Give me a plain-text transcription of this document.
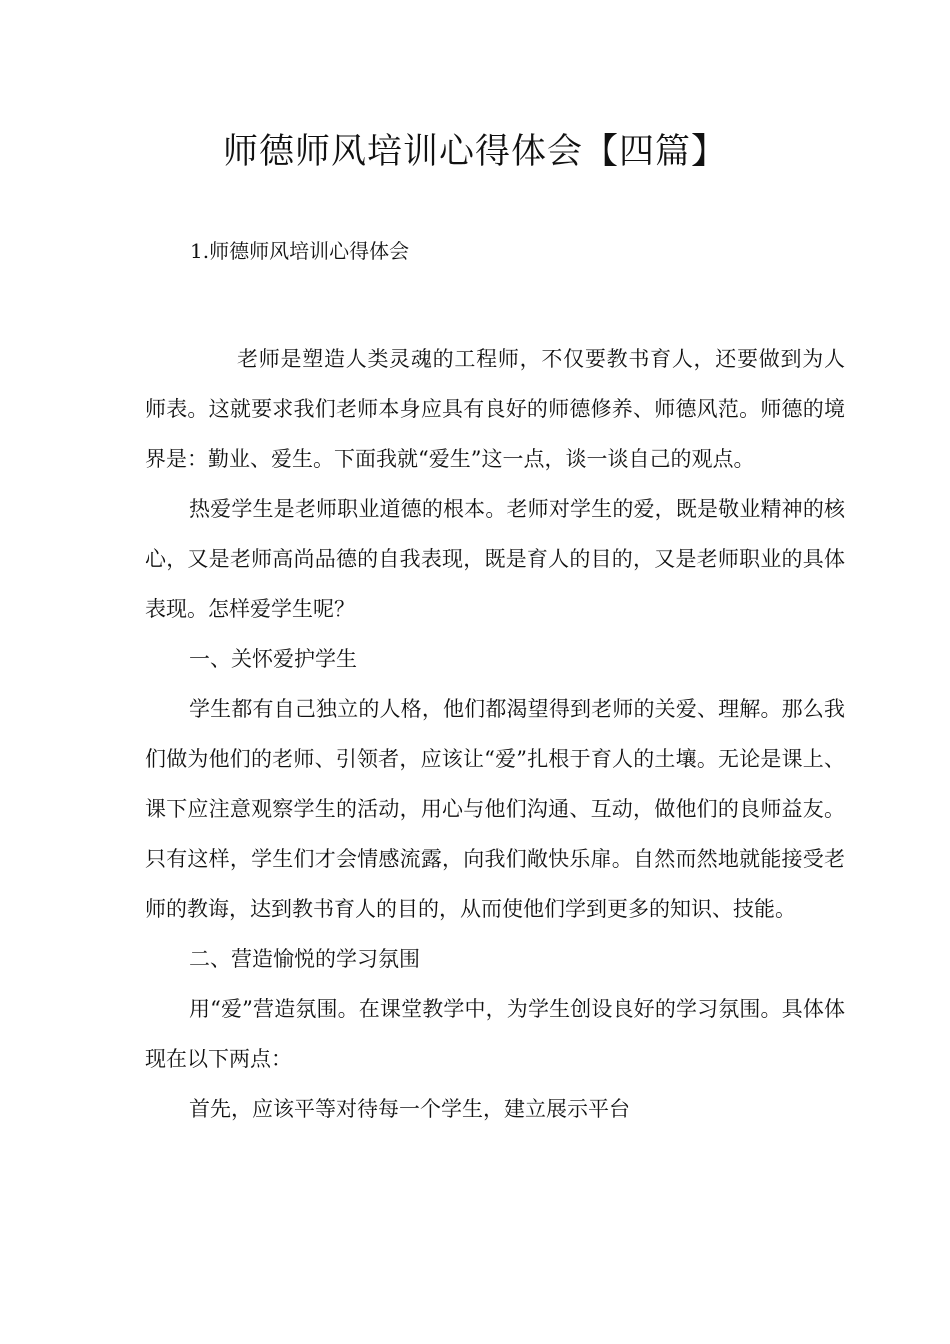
师德师风培训心得体会【四篇】
1.师德师风培训心得体会

老师是塑造人类灵魂的工程师，不仅要教书育人，还要做到为人师表。这就要求我们老师本身应具有良好的师德修养、师德风范。师德的境界是：勤业、爱生。下面我就“爱生”这一点，谈一谈自己的观点。

热爱学生是老师职业道德的根本。老师对学生的爱，既是敬业精神的核心，又是老师高尚品德的自我表现，既是育人的目的，又是老师职业的具体表现。怎样爱学生呢？

一、关怀爱护学生

学生都有自己独立的人格，他们都渴望得到老师的关爱、理解。那么我们做为他们的老师、引领者，应该让“爱”扎根于育人的土壤。无论是课上、课下应注意观察学生的活动，用心与他们沟通、互动，做他们的良师益友。只有这样，学生们才会情感流露，向我们敞快乐扉。自然而然地就能接受老师的教诲，达到教书育人的目的，从而使他们学到更多的知识、技能。

二、营造愉悦的学习氛围

用“爱”营造氛围。在课堂教学中，为学生创设良好的学习氛围。具体体现在以下两点：

首先，应该平等对待每一个学生，建立展示平台
